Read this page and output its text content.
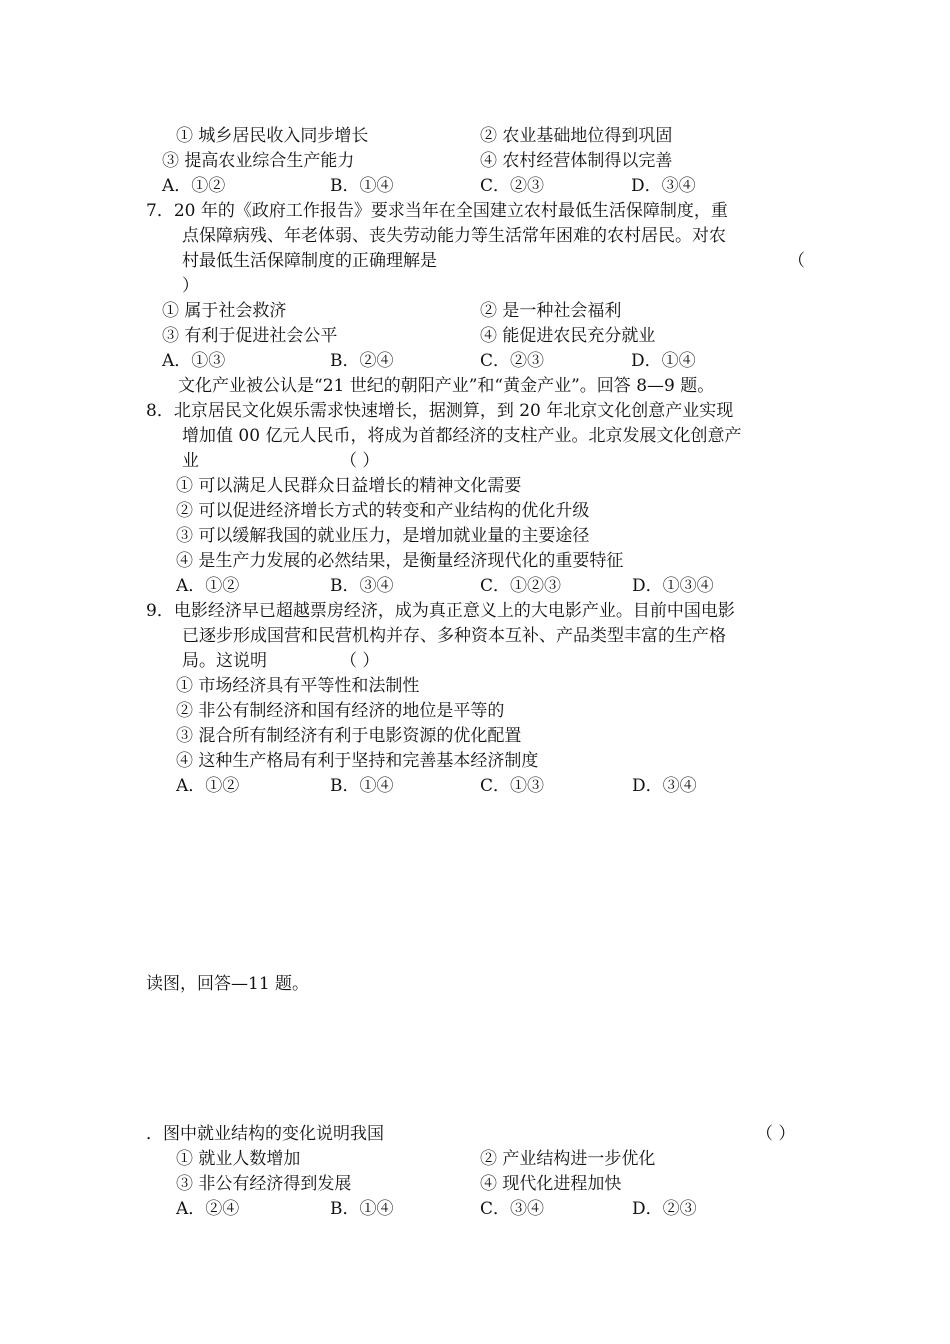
① 城乡居民收入同步增长	② 农业基础地位得到巩固
③ 提高农业综合生产能力	④ 农村经营体制得以完善
A．①②	B．①④	C．②③	D．③④
7．20 年的《政府工作报告》要求当年在全国建立农村最低生活保障制度，重
点保障病残、年老体弱、丧失劳动能力等生活常年困难的农村居民。对农
村最低生活保障制度的正确理解是	（
）
① 属于社会救济	② 是一种社会福利
③ 有利于促进社会公平	④ 能促进农民充分就业
A．①③	B．②④	C．②③	D．①④
文化产业被公认是“21 世纪的朝阳产业”和“黄金产业”。回答 8—9 题。
8．北京居民文化娱乐需求快速增长，据测算，到 20 年北京文化创意产业实现
增加值 00 亿元人民币，将成为首都经济的支柱产业。北京发展文化创意产
业	（ ）
① 可以满足人民群众日益增长的精神文化需要
② 可以促进经济增长方式的转变和产业结构的优化升级
③ 可以缓解我国的就业压力，是增加就业量的主要途径
④ 是生产力发展的必然结果，是衡量经济现代化的重要特征
A．①②	B．③④	C．①②③	D．①③④
9．电影经济早已超越票房经济，成为真正意义上的大电影产业。目前中国电影
已逐步形成国营和民营机构并存、多种资本互补、产品类型丰富的生产格
局。这说明	（ ）
① 市场经济具有平等性和法制性
② 非公有制经济和国有经济的地位是平等的
③ 混合所有制经济有利于电影资源的优化配置
④ 这种生产格局有利于坚持和完善基本经济制度
A．①②	B．①④	C．①③	D．③④
读图，回答—11 题。
．图中就业结构的变化说明我国	（ ）
① 就业人数增加	② 产业结构进一步优化
③ 非公有经济得到发展	④ 现代化进程加快
A．②④	B．①④	C．③④	D．②③
